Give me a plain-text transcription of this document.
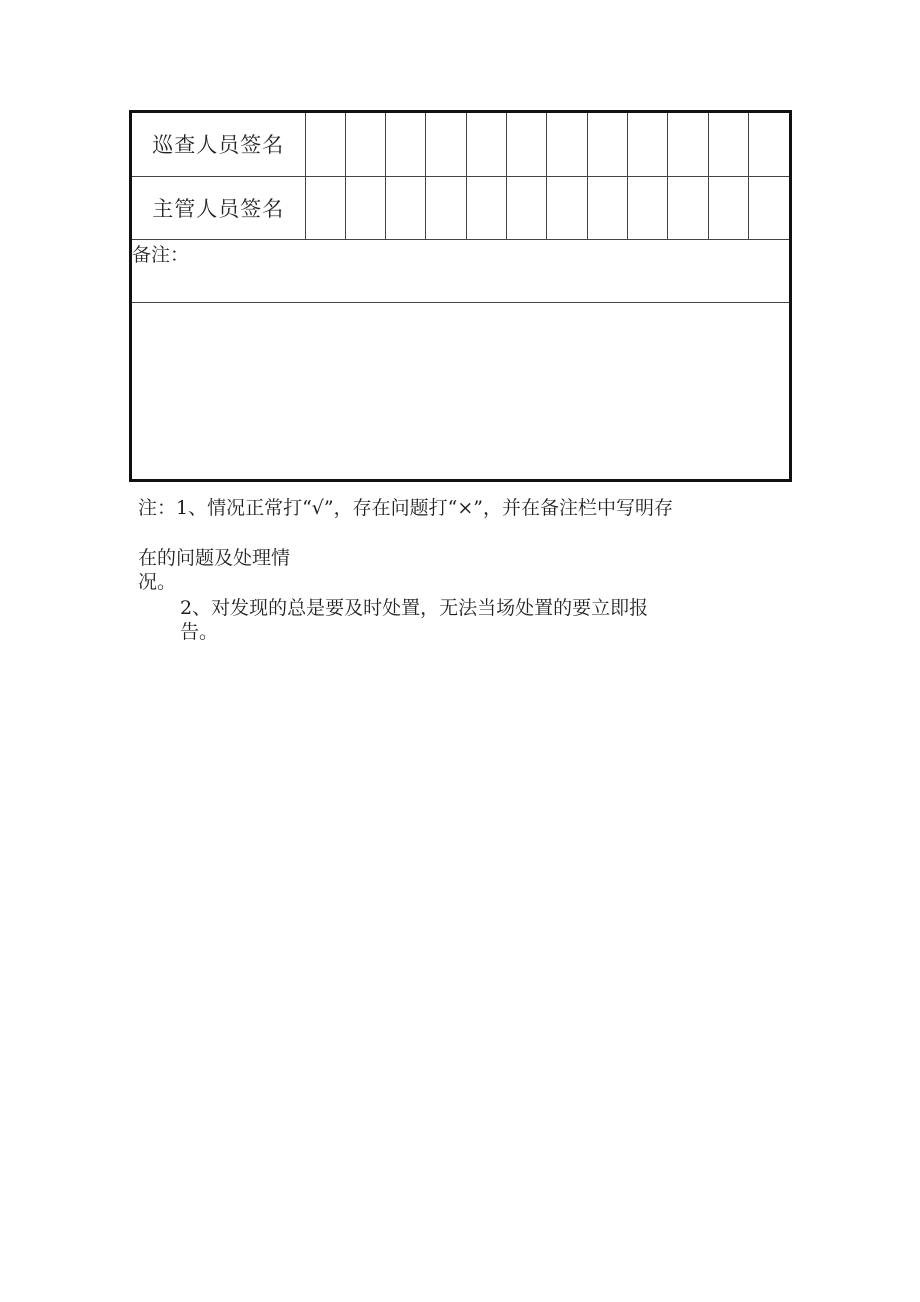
巡查人员签名												
主管人员签名												
备注：												
注：1、情况正常打“√”，存在问题打“×”，并在备注栏中写明存
在的问题及处理情
况。
2、对发现的总是要及时处置，无法当场处置的要立即报
告。
